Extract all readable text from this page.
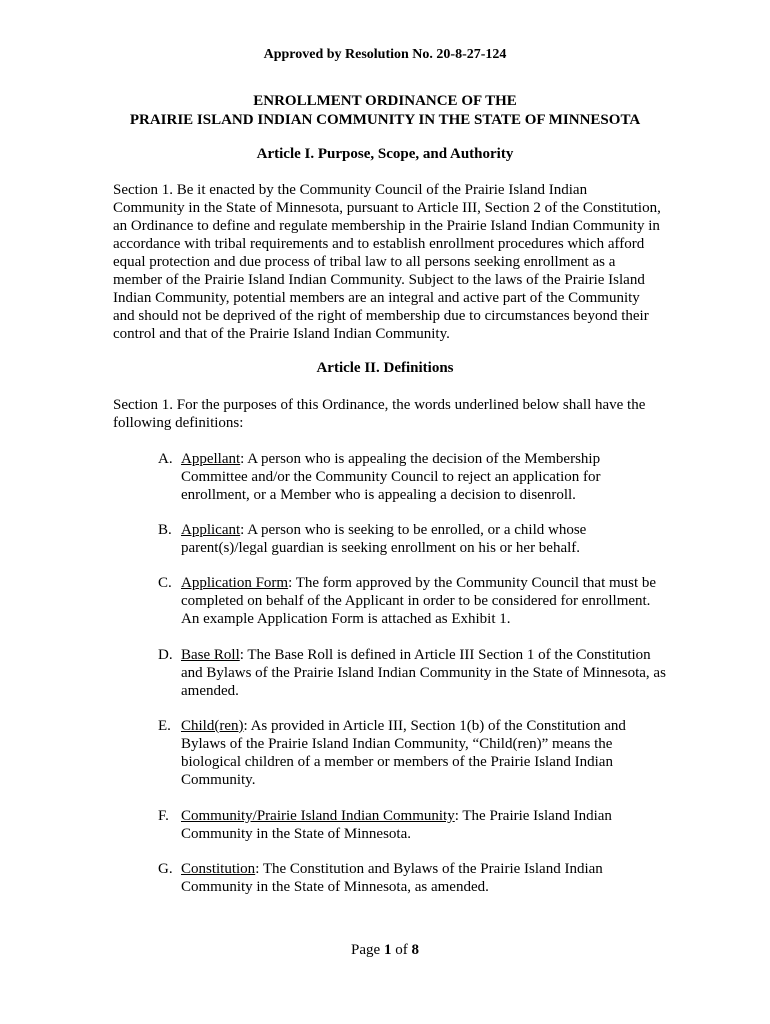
Approved by Resolution No. 20-8-27-124
ENROLLMENT ORDINANCE OF THE
PRAIRIE ISLAND INDIAN COMMUNITY IN THE STATE OF MINNESOTA
Article I. Purpose, Scope, and Authority

Section 1. Be it enacted by the Community Council of the Prairie Island Indian Community in the State of Minnesota, pursuant to Article III, Section 2 of the Constitution, an Ordinance to define and regulate membership in the Prairie Island Indian Community in accordance with tribal requirements and to establish enrollment procedures which afford equal protection and due process of tribal law to all persons seeking enrollment as a member of the Prairie Island Indian Community. Subject to the laws of the Prairie Island Indian Community, potential members are an integral and active part of the Community and should not be deprived of the right of membership due to circumstances beyond their control and that of the Prairie Island Indian Community.

Article II. Definitions

Section 1. For the purposes of this Ordinance, the words underlined below shall have the following definitions:

A. Appellant: A person who is appealing the decision of the Membership Committee and/or the Community Council to reject an application for enrollment, or a Member who is appealing a decision to disenroll.
B. Applicant: A person who is seeking to be enrolled, or a child whose parent(s)/legal guardian is seeking enrollment on his or her behalf.
C. Application Form: The form approved by the Community Council that must be completed on behalf of the Applicant in order to be considered for enrollment. An example Application Form is attached as Exhibit 1.
D. Base Roll: The Base Roll is defined in Article III Section 1 of the Constitution and Bylaws of the Prairie Island Indian Community in the State of Minnesota, as amended.
E. Child(ren): As provided in Article III, Section 1(b) of the Constitution and Bylaws of the Prairie Island Indian Community, “Child(ren)” means the biological children of a member or members of the Prairie Island Indian Community.
F. Community/Prairie Island Indian Community: The Prairie Island Indian Community in the State of Minnesota.
G. Constitution: The Constitution and Bylaws of the Prairie Island Indian Community in the State of Minnesota, as amended.
Page 1 of 8
